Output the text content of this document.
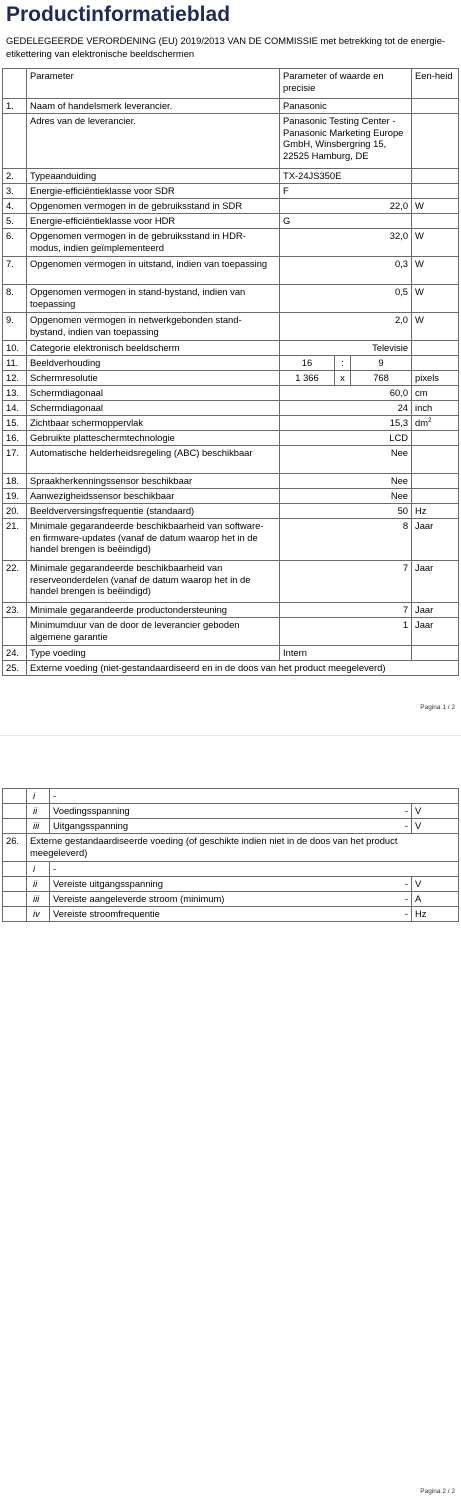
Productinformatieblad
GEDELEGEERDE VERORDENING (EU) 2019/2013 VAN DE COMMISSIE met betrekking tot de energie-etikettering van elektronische beeldschermen
	Parameter	Parameter of waarde en precisie			Een-heid
1.	Naam of handelsmerk leverancier.	Panasonic			
	Adres van de leverancier.	Panasonic Testing Center - Panasonic Marketing Europe GmbH, Winsbergring 15, 22525 Hamburg, DE			
2.	Typeaanduiding	TX-24JS350E			
3.	Energie-efficiëntieklasse voor SDR	F			
4.	Opgenomen vermogen in de gebruiksstand in SDR	22,0			W
5.	Energie-efficiëntieklasse voor HDR	G			
6.	Opgenomen vermogen in de gebruiksstand in HDR-modus, indien geïmplementeerd	32,0			W
7.	Opgenomen vermogen in uitstand, indien van toepassing	0,3			W
8.	Opgenomen vermogen in stand-bystand, indien van toepassing	0,5			W
9.	Opgenomen vermogen in netwerkgebonden stand-bystand, indien van toepassing	2,0			W
10.	Categorie elektronisch beeldscherm	Televisie			
11.	Beeldverhouding	16	:	9	
12.	Schermresolutie	1 366	x	768	pixels
13.	Schermdiagonaal	60,0			cm
14.	Schermdiagonaal	24			inch
15.	Zichtbaar schermoppervlak	15,3			$dm^2$
16.	Gebruikte platteschermtechnologie	LCD			
17.	Automatische helderheidsregeling (ABC) beschikbaar	Nee			
18.	Spraakherkenningssensor beschikbaar	Nee			
19.	Aanwezigheidssensor beschikbaar	Nee			
20.	Beeldverversingsfrequentie (standaard)	50			Hz
21.	Minimale gegarandeerde beschikbaarheid van software- en firmware-updates (vanaf de datum waarop het in de handel brengen is beëindigd)	8			Jaar
22.	Minimale gegarandeerde beschikbaarheid van reserveonderdelen (vanaf de datum waarop het in de handel brengen is beëindigd)	7			Jaar
23.	Minimale gegarandeerde productondersteuning	7			Jaar
	Minimumduur van de door de leverancier geboden algemene garantie	1			Jaar
24.	Type voeding	Intern			
25.	Externe voeding (niet-gestandaardiseerd en in de doos van het product meegeleverd)				
Pagina 1 / 2
	i	-	
	ii	Voedingsspanning -	V
	iii	Uitgangsspanning -	V
26.	Externe gestandaardiseerde voeding (of geschikte indien niet in de doos van het product meegeleverd)		
	i	-	
	ii	Vereiste uitgangsspanning -	V
	iii	Vereiste aangeleverde stroom (minimum) -	A
	iv	Vereiste stroomfrequentie -	Hz
Pagina 2 / 2
